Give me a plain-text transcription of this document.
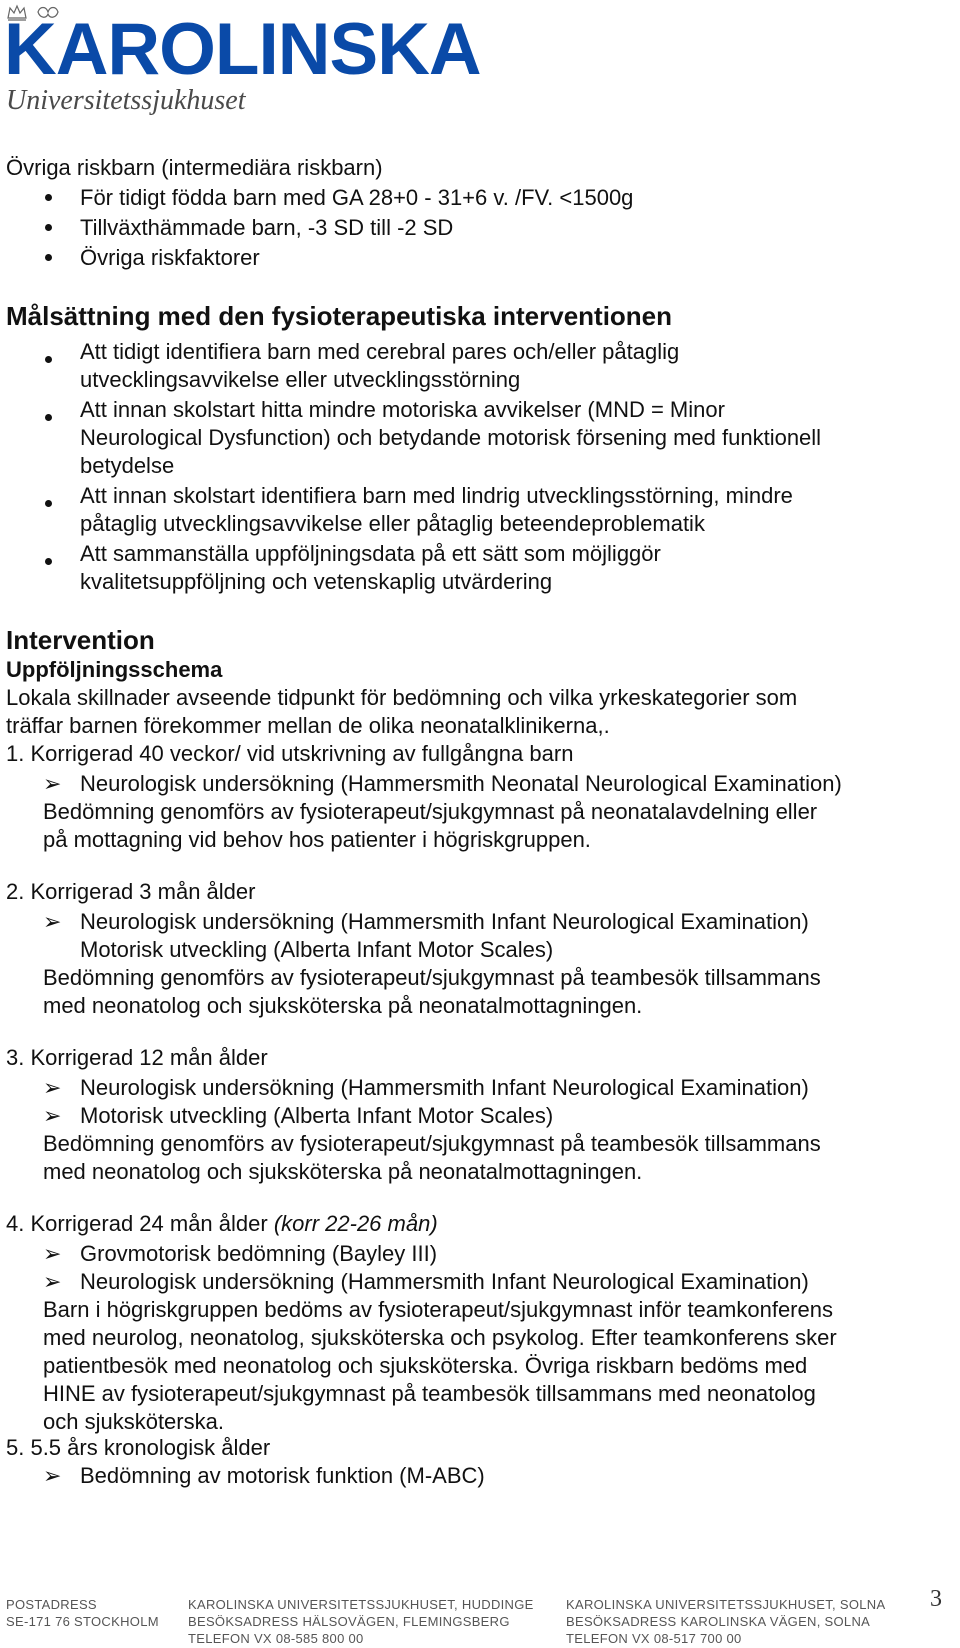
KAROLINSKA
Universitetssjukhuset
Övriga riskbarn (intermediära riskbarn)
För tidigt födda barn med GA 28+0 - 31+6 v. /FV. <1500g
Tillväxthämmade barn, -3 SD till -2 SD
Övriga riskfaktorer
Målsättning med den fysioterapeutiska interventionen
Att tidigt identifiera barn med cerebral pares och/eller påtaglig
utvecklingsavvikelse eller utvecklingsstörning
Att innan skolstart hitta mindre motoriska avvikelser (MND = Minor
Neurological Dysfunction) och betydande motorisk försening med funktionell
betydelse
Att innan skolstart identifiera barn med lindrig utvecklingsstörning, mindre
påtaglig utvecklingsavvikelse eller påtaglig beteendeproblematik
Att sammanställa uppföljningsdata på ett sätt som möjliggör
kvalitetsuppföljning och vetenskaplig utvärdering
Intervention
Uppföljningsschema
Lokala skillnader avseende tidpunkt för bedömning och vilka yrkeskategorier som
träffar barnen förekommer mellan de olika neonatalklinikerna,.
1. Korrigerad 40 veckor/ vid utskrivning av fullgångna barn
➢ Neurologisk undersökning (Hammersmith Neonatal Neurological Examination)
Bedömning genomförs av fysioterapeut/sjukgymnast på neonatalavdelning eller
på mottagning vid behov hos patienter i högriskgruppen.
2. Korrigerad 3 mån ålder
➢ Neurologisk undersökning (Hammersmith Infant Neurological Examination)
Motorisk utveckling (Alberta Infant Motor Scales)
Bedömning genomförs av fysioterapeut/sjukgymnast på teambesök tillsammans
med neonatolog och sjuksköterska på neonatalmottagningen.
3. Korrigerad 12 mån ålder
➢ Neurologisk undersökning (Hammersmith Infant Neurological Examination)
➢ Motorisk utveckling (Alberta Infant Motor Scales)
Bedömning genomförs av fysioterapeut/sjukgymnast på teambesök tillsammans
med neonatolog och sjuksköterska på neonatalmottagningen.
4. Korrigerad 24 mån ålder (korr 22-26 mån)
➢ Grovmotorisk bedömning (Bayley III)
➢ Neurologisk undersökning (Hammersmith Infant Neurological Examination)
Barn i högriskgruppen bedöms av fysioterapeut/sjukgymnast inför teamkonferens
med neurolog, neonatolog, sjuksköterska och psykolog. Efter teamkonferens sker
patientbesök med neonatolog och sjuksköterska. Övriga riskbarn bedöms med
HINE av fysioterapeut/sjukgymnast på teambesök tillsammans med neonatolog
och sjuksköterska.
5. 5.5 års kronologisk ålder
➢ Bedömning av motorisk funktion (M-ABC)
POSTADRESS
SE-171 76 STOCKHOLM
KAROLINSKA UNIVERSITETSSJUKHUSET, HUDDINGE
BESÖKSADRESS HÄLSOVÄGEN, FLEMINGSBERG
TELEFON VX 08-585 800 00
KAROLINSKA UNIVERSITETSSJUKHUSET, SOLNA
BESÖKSADRESS KAROLINSKA VÄGEN, SOLNA
TELEFON VX 08-517 700 00
3
